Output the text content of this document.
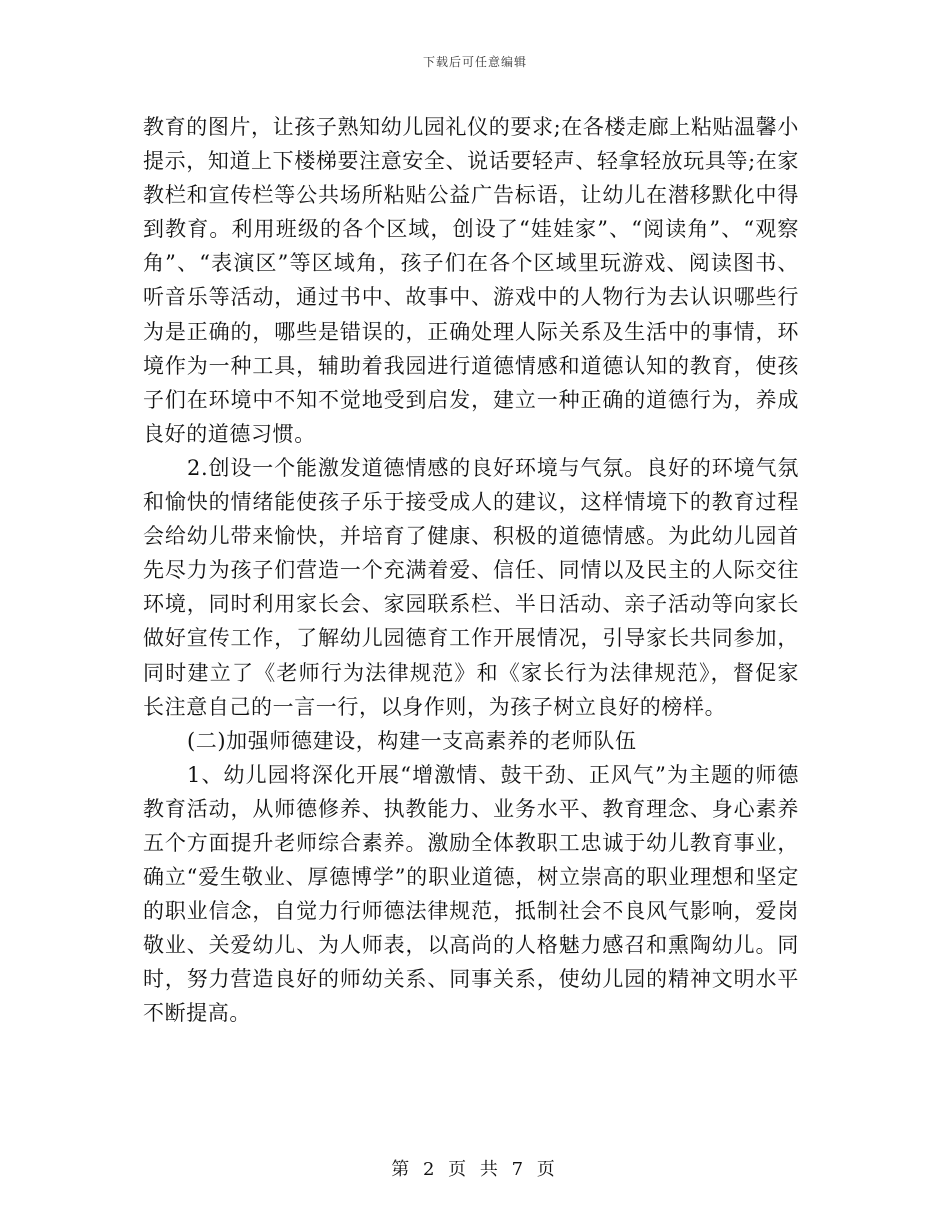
下载后可任意编辑

教育的图片，让孩子熟知幼儿园礼仪的要求;在各楼走廊上粘贴温馨小提示，知道上下楼梯要注意安全、说话要轻声、轻拿轻放玩具等;在家教栏和宣传栏等公共场所粘贴公益广告标语，让幼儿在潜移默化中得到教育。利用班级的各个区域，创设了“娃娃家”、“阅读角”、“观察角”、“表演区”等区域角，孩子们在各个区域里玩游戏、阅读图书、听音乐等活动，通过书中、故事中、游戏中的人物行为去认识哪些行为是正确的，哪些是错误的，正确处理人际关系及生活中的事情，环境作为一种工具，辅助着我园进行道德情感和道德认知的教育，使孩子们在环境中不知不觉地受到启发，建立一种正确的道德行为，养成良好的道德习惯。

2.创设一个能激发道德情感的良好环境与气氛。良好的环境气氛和愉快的情绪能使孩子乐于接受成人的建议，这样情境下的教育过程会给幼儿带来愉快，并培育了健康、积极的道德情感。为此幼儿园首先尽力为孩子们营造一个充满着爱、信任、同情以及民主的人际交往环境，同时利用家长会、家园联系栏、半日活动、亲子活动等向家长做好宣传工作，了解幼儿园德育工作开展情况，引导家长共同参加，同时建立了《老师行为法律规范》和《家长行为法律规范》，督促家长注意自己的一言一行，以身作则，为孩子树立良好的榜样。

(二)加强师德建设，构建一支高素养的老师队伍

1、幼儿园将深化开展“增激情、鼓干劲、正风气”为主题的师德教育活动，从师德修养、执教能力、业务水平、教育理念、身心素养五个方面提升老师综合素养。激励全体教职工忠诚于幼儿教育事业，确立“爱生敬业、厚德博学”的职业道德，树立崇高的职业理想和坚定的职业信念，自觉力行师德法律规范，抵制社会不良风气影响，爱岗敬业、关爱幼儿、为人师表，以高尚的人格魅力感召和熏陶幼儿。同时，努力营造良好的师幼关系、同事关系，使幼儿园的精神文明水平不断提高。

第 2 页 共 7 页
